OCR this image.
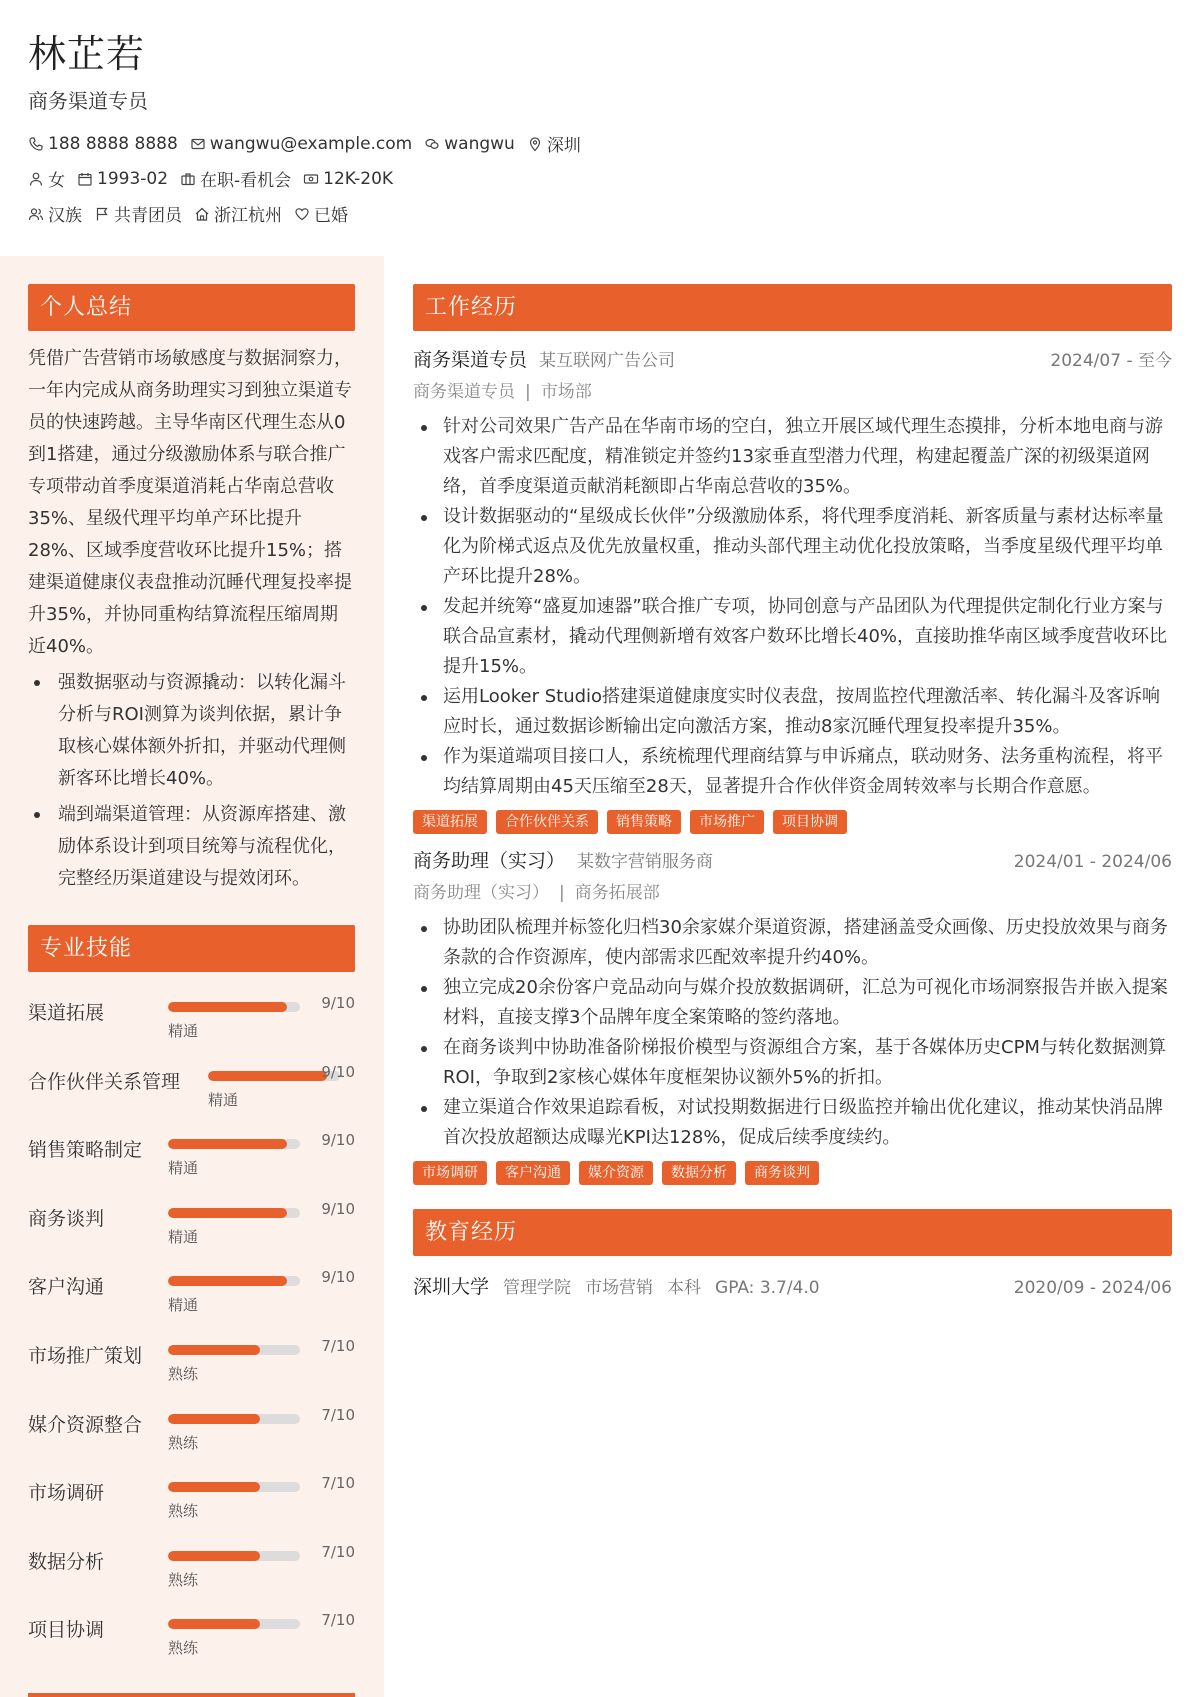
林芷若
商务渠道专员
188 8888 8888 wangwu@example.com wangwu 深圳
女 1993-02 在职-看机会 12K-20K
汉族 共青团员 浙江杭州 已婚
个人总结

凭借广告营销市场敏感度与数据洞察力，一年内完成从商务助理实习到独立渠道专员的快速跨越。主导华南区代理生态从0到1搭建，通过分级激励体系与联合推广专项带动首季度渠道消耗占华南总营收35%、星级代理平均单产环比提升28%、区域季度营收环比提升15%；搭建渠道健康仪表盘推动沉睡代理复投率提升35%，并协同重构结算流程压缩周期近40%。

强数据驱动与资源撬动：以转化漏斗分析与ROI测算为谈判依据，累计争取核心媒体额外折扣，并驱动代理侧新客环比增长40%。
端到端渠道管理：从资源库搭建、激励体系设计到项目统筹与流程优化，完整经历渠道建设与提效闭环。
专业技能
渠道拓展
精通
9/10
合作伙伴关系管理
精通
9/10
销售策略制定
精通
9/10
商务谈判
精通
9/10
客户沟通
精通
9/10
市场推广策划
熟练
7/10
媒介资源整合
熟练
7/10
市场调研
熟练
7/10
数据分析
熟练
7/10
项目协调
熟练
7/10
工作经历
商务渠道专员 某互联网广告公司	2024/07 - 至今
商务渠道专员 | 市场部
针对公司效果广告产品在华南市场的空白，独立开展区域代理生态摸排，分析本地电商与游戏客户需求匹配度，精准锁定并签约13家垂直型潜力代理，构建起覆盖广深的初级渠道网络，首季度渠道贡献消耗额即占华南总营收的35%。
设计数据驱动的“星级成长伙伴”分级激励体系，将代理季度消耗、新客质量与素材达标率量化为阶梯式返点及优先放量权重，推动头部代理主动优化投放策略，当季度星级代理平均单产环比提升28%。
发起并统筹“盛夏加速器”联合推广专项，协同创意与产品团队为代理提供定制化行业方案与联合品宣素材，撬动代理侧新增有效客户数环比增长40%，直接助推华南区域季度营收环比提升15%。
运用Looker Studio搭建渠道健康度实时仪表盘，按周监控代理激活率、转化漏斗及客诉响应时长，通过数据诊断输出定向激活方案，推动8家沉睡代理复投率提升35%。
作为渠道端项目接口人，系统梳理代理商结算与申诉痛点，联动财务、法务重构流程，将平均结算周期由45天压缩至28天，显著提升合作伙伴资金周转效率与长期合作意愿。
渠道拓展	合作伙伴关系	销售策略	市场推广	项目协调
商务助理（实习） 某数字营销服务商	2024/01 - 2024/06
商务助理（实习） | 商务拓展部
协助团队梳理并标签化归档30余家媒介渠道资源，搭建涵盖受众画像、历史投放效果与商务条款的合作资源库，使内部需求匹配效率提升约40%。
独立完成20余份客户竞品动向与媒介投放数据调研，汇总为可视化市场洞察报告并嵌入提案材料，直接支撑3个品牌年度全案策略的签约落地。
在商务谈判中协助准备阶梯报价模型与资源组合方案，基于各媒体历史CPM与转化数据测算ROI，争取到2家核心媒体年度框架协议额外5%的折扣。
建立渠道合作效果追踪看板，对试投期数据进行日级监控并输出优化建议，推动某快消品牌首次投放超额达成曝光KPI达128%，促成后续季度续约。
市场调研	客户沟通	媒介资源	数据分析	商务谈判
教育经历
深圳大学 管理学院 市场营销 本科 GPA: 3.7/4.0	2020/09 - 2024/06
